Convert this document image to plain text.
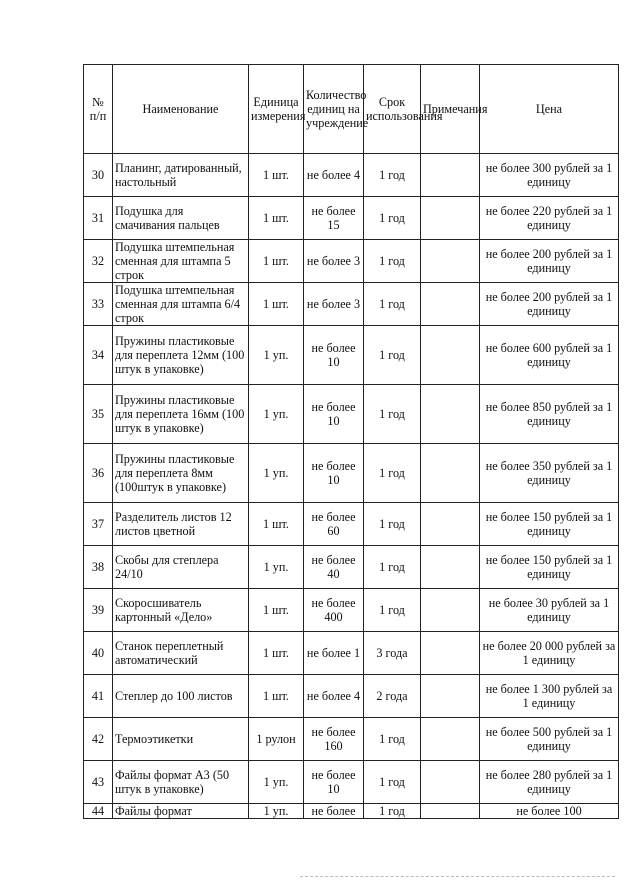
№ п/п	Наименование	Единица измерения	Количество единиц на учреждение	Срок использования	Примечания	Цена
30	Планинг, датированный, настольный	1 шт.	не более 4	1 год		не более 300 рублей за 1 единицу
31	Подушка для смачивания пальцев	1 шт.	не более 15	1 год		не более 220 рублей за 1 единицу
32	Подушка штемпельная сменная для штампа 5 строк	1 шт.	не более 3	1 год		не более 200 рублей за 1 единицу
33	Подушка штемпельная сменная для штампа 6/4 строк	1 шт.	не более 3	1 год		не более 200 рублей за 1 единицу
34	Пружины пластиковые для переплета 12мм (100 штук в упаковке)	1 уп.	не более 10	1 год		не более 600 рублей за 1 единицу
35	Пружины пластиковые для переплета 16мм (100 штук в упаковке)	1 уп.	не более 10	1 год		не более 850 рублей за 1 единицу
36	Пружины пластиковые для переплета 8мм (100штук в упаковке)	1 уп.	не более 10	1 год		не более 350 рублей за 1 единицу
37	Разделитель листов 12 листов цветной	1 шт.	не более 60	1 год		не более 150 рублей за 1 единицу
38	Скобы для степлера 24/10	1 уп.	не более 40	1 год		не более 150 рублей за 1 единицу
39	Скоросшиватель картонный «Дело»	1 шт.	не более 400	1 год		не более 30 рублей за 1 единицу
40	Станок переплетный автоматический	1 шт.	не более 1	3 года		не более 20 000 рублей за 1 единицу
41	Степлер до 100 листов	1 шт.	не более 4	2 года		не более 1 300 рублей за 1 единицу
42	Термоэтикетки	1 рулон	не более 160	1 год		не более 500 рублей за 1 единицу
43	Файлы формат А3 (50 штук в упаковке)	1 уп.	не более 10	1 год		не более 280 рублей за 1 единицу
44	Файлы формат	1 уп.	не более	1 год		не более 100
